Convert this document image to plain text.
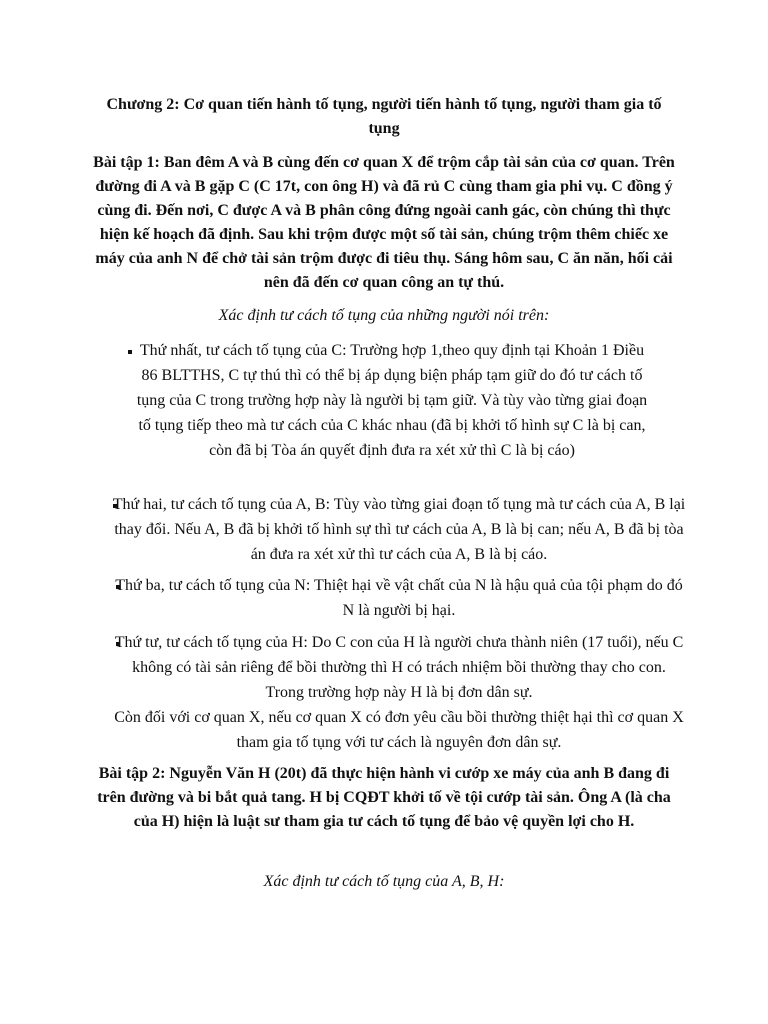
Chương 2: Cơ quan tiến hành tố tụng, người tiến hành tố tụng, người tham gia tố tụng
Bài tập 1: Ban đêm A và B cùng đến cơ quan X để trộm cắp tài sản của cơ quan. Trên đường đi A và B gặp C (C 17t, con ông H) và đã rủ C cùng tham gia phi vụ. C đồng ý cùng đi. Đến nơi, C được A và B phân công đứng ngoài canh gác, còn chúng thì thực hiện kế hoạch đã định. Sau khi trộm được một số tài sản, chúng trộm thêm chiếc xe máy của anh N để chở tài sản trộm được đi tiêu thụ. Sáng hôm sau, C ăn năn, hối cải nên đã đến cơ quan công an tự thú.
Xác định tư cách tố tụng của những người nói trên:
Thứ nhất, tư cách tố tụng của C: Trường hợp 1,theo quy định tại Khoản 1 Điều 86 BLTTHS, C tự thú thì có thể bị áp dụng biện pháp tạm giữ do đó tư cách tố tụng của C trong trường hợp này là người bị tạm giữ. Và tùy vào từng giai đoạn tố tụng tiếp theo mà tư cách của C khác nhau (đã bị khởi tố hình sự C là bị can, còn đã bị Tòa án quyết định đưa ra xét xử thì C là bị cáo)
Thứ hai, tư cách tố tụng của A, B: Tùy vào từng giai đoạn tố tụng mà tư cách của A, B lại thay đổi. Nếu A, B đã bị khởi tố hình sự thì tư cách của A, B là bị can; nếu A, B đã bị tòa án đưa ra xét xử thì tư cách của A, B là bị cáo.
Thứ ba, tư cách tố tụng của N: Thiệt hại về vật chất của N là hậu quả của tội phạm do đó N là người bị hại.
Thứ tư, tư cách tố tụng của H: Do C con của H là người chưa thành niên (17 tuổi), nếu C không có tài sản riêng để bồi thường thì H có trách nhiệm bồi thường thay cho con. Trong trường hợp này H là bị đơn dân sự.
Còn đối với cơ quan X, nếu cơ quan X có đơn yêu cầu bồi thường thiệt hại thì cơ quan X tham gia tố tụng với tư cách là nguyên đơn dân sự.
Bài tập 2: Nguyễn Văn H (20t) đã thực hiện hành vi cướp xe máy của anh B đang đi trên đường và bi bắt quả tang. H bị CQĐT khởi tố về tội cướp tài sản. Ông A (là cha của H) hiện là luật sư tham gia tư cách tố tụng để bảo vệ quyền lợi cho H.
Xác định tư cách tố tụng của A, B, H:
